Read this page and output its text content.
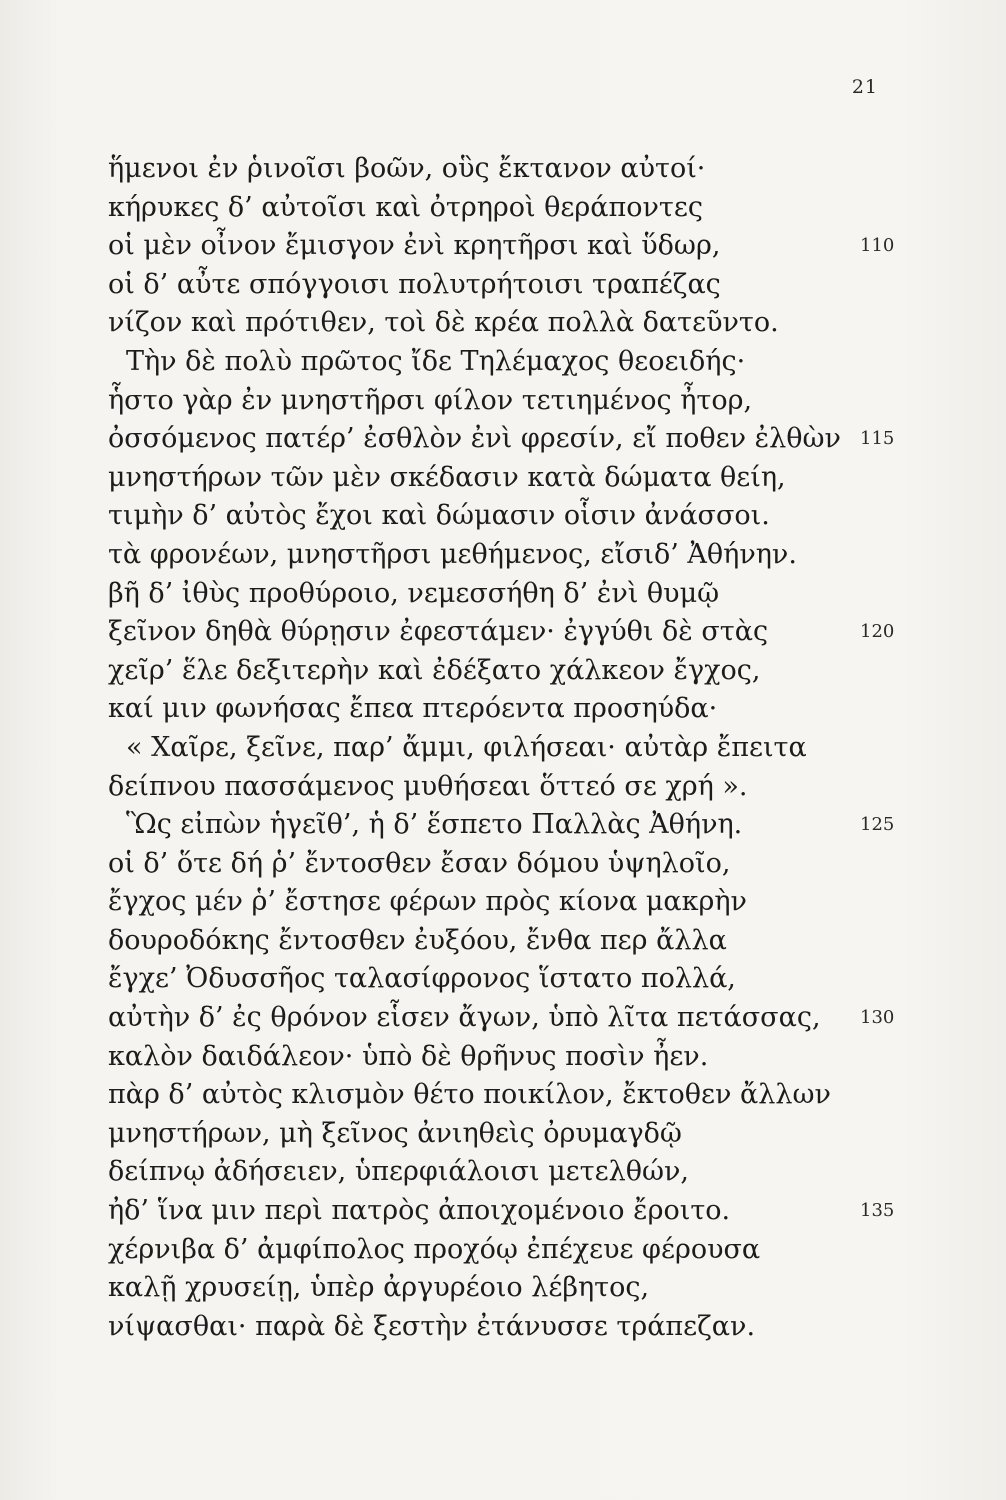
21
ἥμενοι ἐν ῥινοῖσι βοῶν, οὓς ἔκτανον αὐτοί·
κήρυκες δ’ αὐτοῖσι καὶ ὀτρηροὶ θεράποντες
οἱ μὲν οἶνον ἔμισγον ἐνὶ κρητῆρσι καὶ ὕδωρ,	110
οἱ δ’ αὖτε σπόγγοισι πολυτρήτοισι τραπέζας
νίζον καὶ πρότιθεν, τοὶ δὲ κρέα πολλὰ δατεῦντο.
Τὴν δὲ πολὺ πρῶτος ἴδε Τηλέμαχος θεοειδής·
ἧστο γὰρ ἐν μνηστῆρσι φίλον τετιημένος ἦτορ,
ὀσσόμενος πατέρ’ ἐσθλὸν ἐνὶ φρεσίν, εἴ ποθεν ἐλθὼν 115
μνηστήρων τῶν μὲν σκέδασιν κατὰ δώματα θείη,
τιμὴν δ’ αὐτὸς ἔχοι καὶ δώμασιν οἷσιν ἀνάσσοι.
τὰ φρονέων, μνηστῆρσι μεθήμενος, εἴσιδ’ Ἀθήνην.
βῆ δ’ ἰθὺς προθύροιο, νεμεσσήθη δ’ ἐνὶ θυμῷ
ξεῖνον δηθὰ θύρῃσιν ἐφεστάμεν· ἐγγύθι δὲ στὰς	120
χεῖρ’ ἕλε δεξιτερὴν καὶ ἐδέξατο χάλκεον ἔγχος,
καί μιν φωνήσας ἔπεα πτερόεντα προσηύδα·
« Χαῖρε, ξεῖνε, παρ’ ἄμμι, φιλήσεαι· αὐτὰρ ἔπειτα
δείπνου πασσάμενος μυθήσεαι ὅττεό σε χρή ».
Ὣς εἰπὼν ἡγεῖθ’, ἡ δ’ ἕσπετο Παλλὰς Ἀθήνη.	125
οἱ δ’ ὅτε δή ῥ’ ἔντοσθεν ἔσαν δόμου ὑψηλοῖο,
ἔγχος μέν ῥ’ ἔστησε φέρων πρὸς κίονα μακρὴν
δουροδόκης ἔντοσθεν ἐυξόου, ἔνθα περ ἄλλα
ἔγχε’ Ὀδυσσῆος ταλασίφρονος ἵστατο πολλά,
αὐτὴν δ’ ἐς θρόνον εἷσεν ἄγων, ὑπὸ λῖτα πετάσσας, 130
καλὸν δαιδάλεον· ὑπὸ δὲ θρῆνυς ποσὶν ἦεν.
πὰρ δ’ αὐτὸς κλισμὸν θέτο ποικίλον, ἔκτοθεν ἄλλων
μνηστήρων, μὴ ξεῖνος ἀνιηθεὶς ὀρυμαγδῷ
δείπνῳ ἀδήσειεν, ὑπερφιάλοισι μετελθών,
ἠδ’ ἵνα μιν περὶ πατρὸς ἀποιχομένοιο ἔροιτο.	135
χέρνιβα δ’ ἀμφίπολος προχόῳ ἐπέχευε φέρουσα
καλῇ χρυσείῃ, ὑπὲρ ἀργυρέοιο λέβητος,
νίψασθαι· παρὰ δὲ ξεστὴν ἐτάνυσσε τράπεζαν.
